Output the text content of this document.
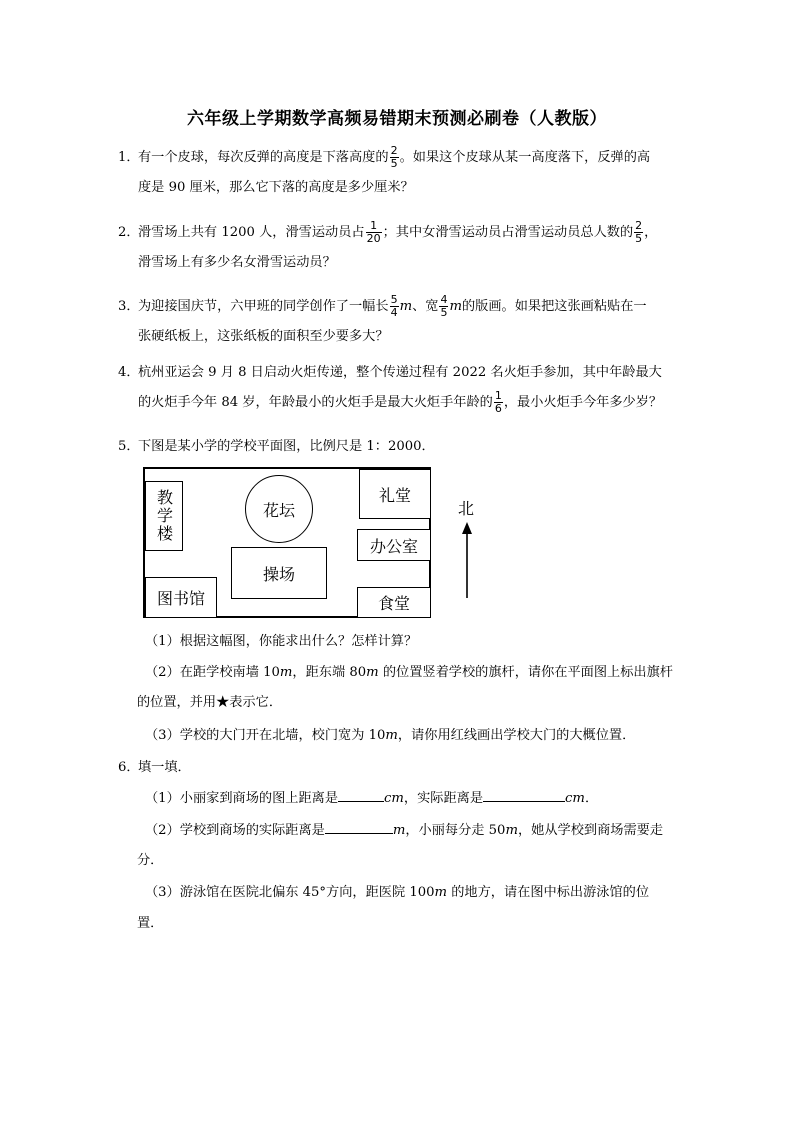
六年级上学期数学高频易错期末预测必刷卷（人教版）
1．
有一个皮球，每次反弹的高度是下落高度的 $\frac{2}{5}$ 。如果这个皮球从某一高度落下，反弹的高
度是 90 厘米，那么它下落的高度是多少厘米？
2．
滑雪场上共有 1200 人，滑雪运动员占 $\frac{1}{20}$ ；其中女滑雪运动员占滑雪运动员总人数的 $\frac{2}{5}$ ，
滑雪场上有多少名女滑雪运动员？
3．
为迎接国庆节，六甲班的同学创作了一幅长 $\frac{5}{4}$ m、宽 $\frac{4}{5}$ m的版画。如果把这张画粘贴在一
张硬纸板上，这张纸板的面积至少要多大？
4．
杭州亚运会 9 月 8 日启动火炬传递，整个传递过程有 2022 名火炬手参加，其中年龄最大
的火炬手今年 84 岁，年龄最小的火炬手是最大火炬手年龄的 $\frac{1}{6}$ ，最小火炬手今年多少岁？
5．
下图是某小学的学校平面图，比例尺是 1：2000．
教学楼	花坛
礼堂
办公室
操场
图书馆	食堂
北
（1）根据这幅图，你能求出什么？怎样计算？
（2）在距学校南墙 10m，距东端 80m 的位置竖着学校的旗杆，请你在平面图上标出旗杆
的位置，并用★表示它．
（3）学校的大门开在北墙，校门宽为 10m，请你用红线画出学校大门的大概位置．
6．
填一填．
（1）小丽家到商场的图上距离是	cm，实际距离是	cm．
（2）学校到商场的实际距离是	m，小丽每分走 50m，她从学校到商场需要走
分．
（3）游泳馆在医院北偏东 45°方向，距医院 100m 的地方，请在图中标出游泳馆的位
置．
